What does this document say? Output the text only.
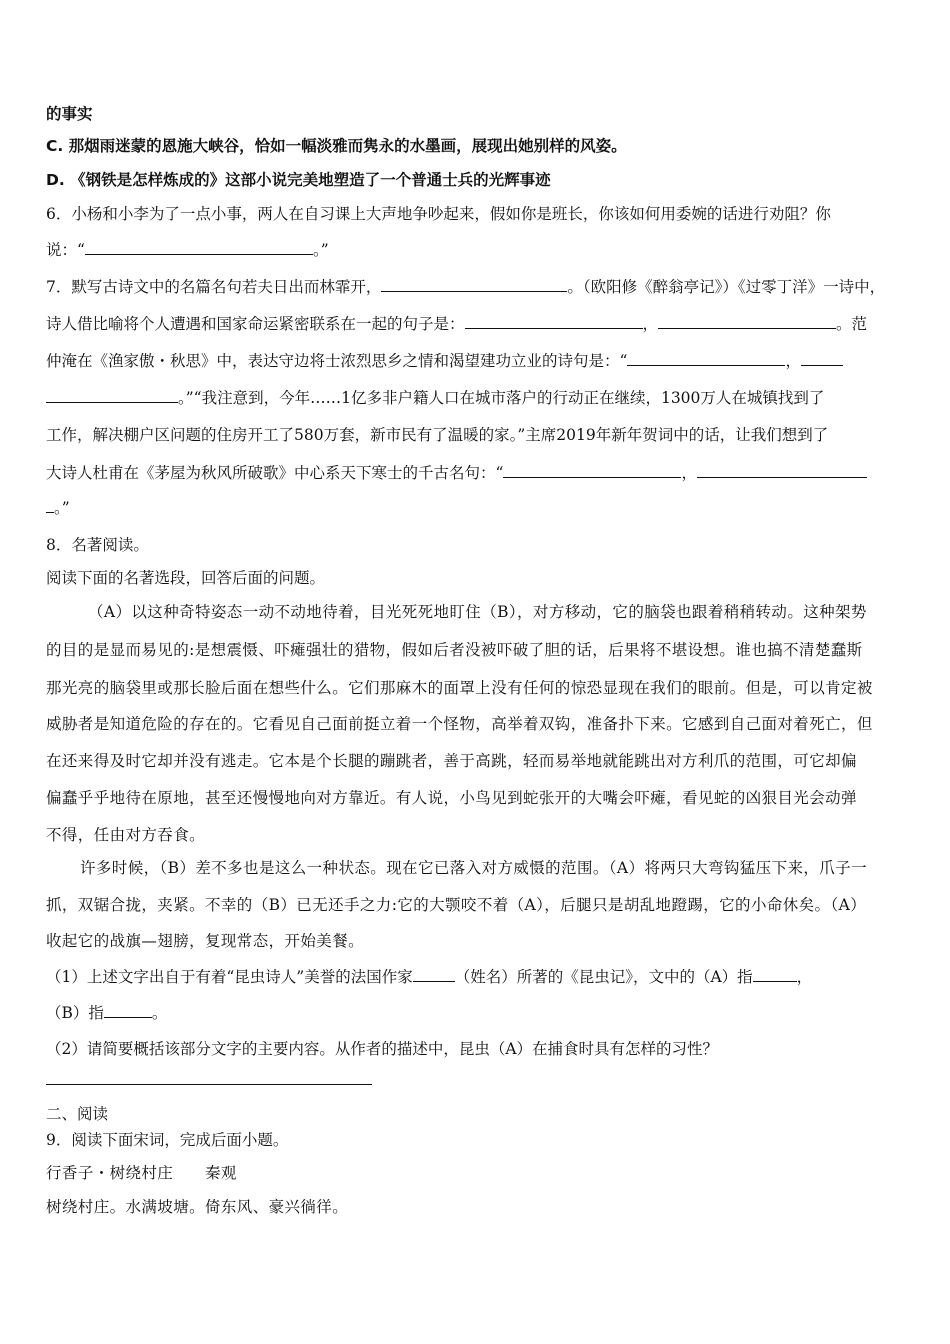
的事实
C. 那烟雨迷蒙的恩施大峡谷，恰如一幅淡雅而隽永的水墨画，展现出她别样的风姿。
D. 《钢铁是怎样炼成的》这部小说完美地塑造了一个普通士兵的光辉事迹
6．小杨和小李为了一点小事，两人在自习课上大声地争吵起来，假如你是班长，你该如何用委婉的话进行劝阻？你
说：“	。”
7．默写古诗文中的名篇名句若夫日出而林霏开，	。（欧阳修《醉翁亭记》）《过零丁洋》一诗中，
诗人借比喻将个人遭遇和国家命运紧密联系在一起的句子是：	，	。范
仲淹在《渔家傲・秋思》中，表达守边将士浓烈思乡之情和渴望建功立业的诗句是：“	，
。”“我注意到，今年……1亿多非户籍人口在城市落户的行动正在继续，1300万人在城镇找到了
工作，解决棚户区问题的住房开工了580万套，新市民有了温暖的家。”主席2019年新年贺词中的话，让我们想到了
大诗人杜甫在《茅屋为秋风所破歌》中心系天下寒士的千古名句：“	，
。”
8．名著阅读。
阅读下面的名著选段，回答后面的问题。
（A）以这种奇特姿态一动不动地待着，目光死死地盯住（B），对方移动，它的脑袋也跟着稍稍转动。这种架势
的目的是显而易见的:是想震慑、吓瘫强壮的猎物，假如后者没被吓破了胆的话，后果将不堪设想。谁也搞不清楚蠢斯
那光亮的脑袋里或那长脸后面在想些什么。它们那麻木的面罩上没有任何的惊恐显现在我们的眼前。但是，可以肯定被
威胁者是知道危险的存在的。它看见自己面前挺立着一个怪物，高举着双钩，准备扑下来。它感到自己面对着死亡，但
在还来得及时它却并没有逃走。它本是个长腿的蹦跳者，善于高跳，轻而易举地就能跳出对方利爪的范围，可它却偏
偏蠢乎乎地待在原地，甚至还慢慢地向对方靠近。有人说，小鸟见到蛇张开的大嘴会吓瘫，看见蛇的凶狠目光会动弹
不得，任由对方吞食。
许多时候，（B）差不多也是这么一种状态。现在它已落入对方威慑的范围。（A）将两只大弯钩猛压下来，爪子一
抓，双锯合拢，夹紧。不幸的（B）已无还手之力:它的大颚咬不着（A），后腿只是胡乱地蹬踢，它的小命休矣。（A）
收起它的战旗—翅膀，复现常态，开始美餐。
（1）上述文字出自于有着“昆虫诗人”美誉的法国作家	（姓名）所著的《昆虫记》，文中的（A）指	，
（B）指	。
（2）请简要概括该部分文字的主要内容。从作者的描述中，昆虫（A）在捕食时具有怎样的习性？
二、阅读
9．阅读下面宋词，完成后面小题。
行香子・树绕村庄　　秦观
树绕村庄。水满坡塘。倚东风、豪兴徜徉。
